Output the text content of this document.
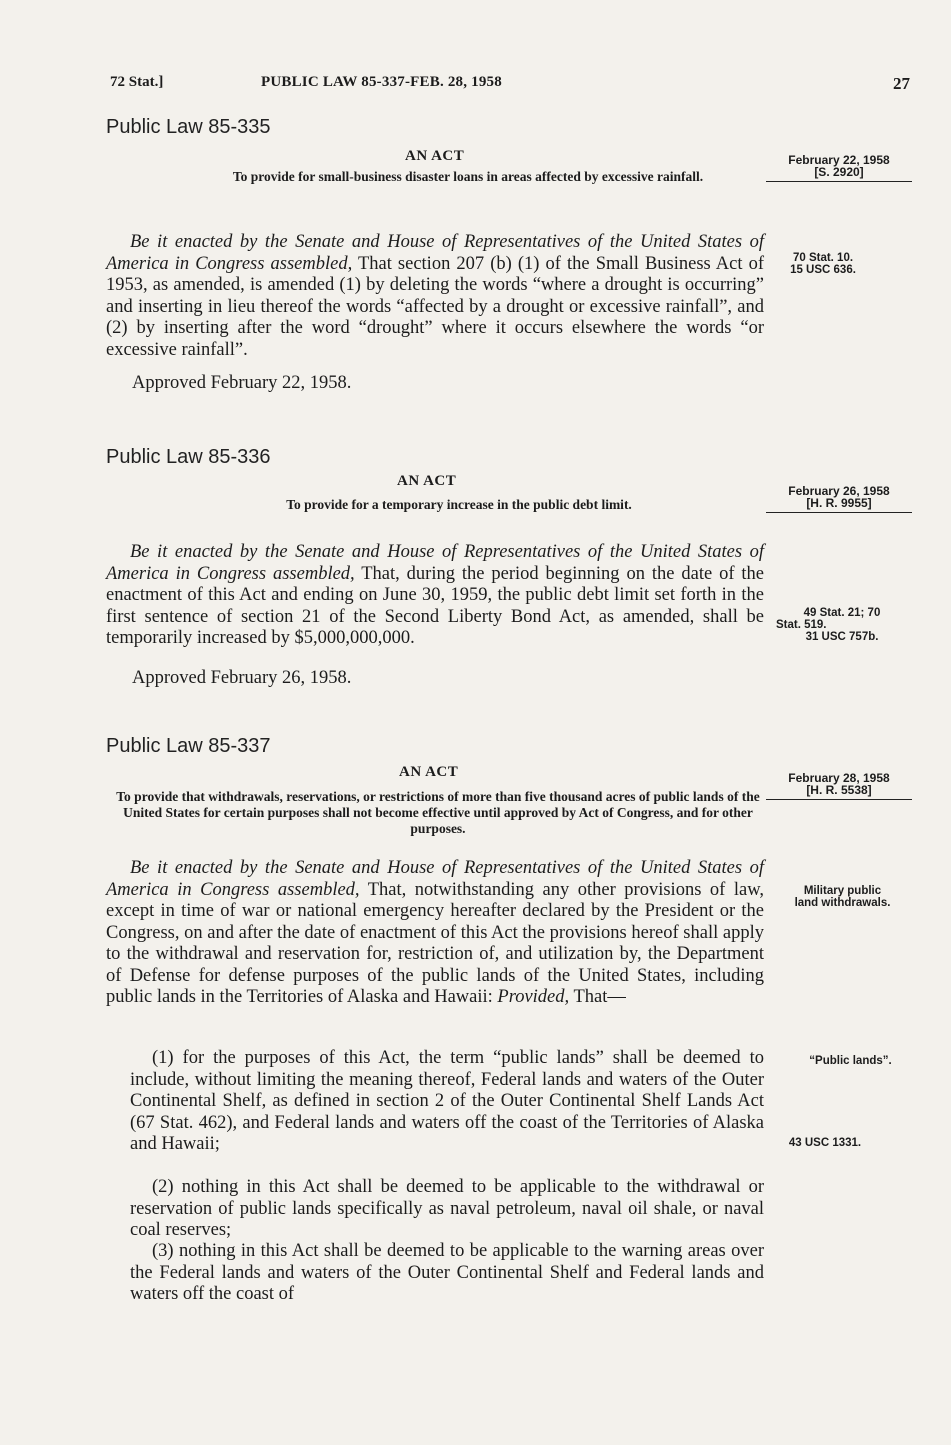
72 Stat.]	PUBLIC LAW 85-337-FEB. 28, 1958	27
Public Law 85-335
AN ACT
To provide for small-business disaster loans in areas affected by excessive rainfall.
February 22, 1958
[S. 2920]

Be it enacted by the Senate and House of Representatives of the United States of America in Congress assembled, That section 207 (b) (1) of the Small Business Act of 1953, as amended, is amended (1) by deleting the words “where a drought is occurring” and inserting in lieu thereof the words “affected by a drought or excessive rainfall”, and (2) by inserting after the word “drought” where it occurs elsewhere the words “or excessive rainfall”.

Approved February 22, 1958.
70 Stat. 10.
15 USC 636.
Public Law 85-336
AN ACT
To provide for a temporary increase in the public debt limit.
February 26, 1958
[H. R. 9955]

Be it enacted by the Senate and House of Representatives of the United States of America in Congress assembled, That, during the period beginning on the date of the enactment of this Act and ending on June 30, 1959, the public debt limit set forth in the first sentence of section 21 of the Second Liberty Bond Act, as amended, shall be temporarily increased by $5,000,000,000.

Approved February 26, 1958.
49 Stat. 21; 70
Stat. 519.
31 USC 757b.
Public Law 85-337
AN ACT
To provide that withdrawals, reservations, or restrictions of more than five thousand acres of public lands of the United States for certain purposes shall not become effective until approved by Act of Congress, and for other purposes.
February 28, 1958
[H. R. 5538]

Be it enacted by the Senate and House of Representatives of the United States of America in Congress assembled, That, notwithstanding any other provisions of law, except in time of war or national emergency hereafter declared by the President or the Congress, on and after the date of enactment of this Act the provisions hereof shall apply to the withdrawal and reservation for, restriction of, and utilization by, the Department of Defense for defense purposes of the public lands of the United States, including public lands in the Territories of Alaska and Hawaii: Provided, That—

(1) for the purposes of this Act, the term “public lands” shall be deemed to include, without limiting the meaning thereof, Federal lands and waters of the Outer Continental Shelf, as defined in section 2 of the Outer Continental Shelf Lands Act (67 Stat. 462), and Federal lands and waters off the coast of the Territories of Alaska and Hawaii;
(2) nothing in this Act shall be deemed to be applicable to the withdrawal or reservation of public lands specifically as naval petroleum, naval oil shale, or naval coal reserves;
(3) nothing in this Act shall be deemed to be applicable to the warning areas over the Federal lands and waters of the Outer Continental Shelf and Federal lands and waters off the coast of
Military public
land withdrawals.
“Public lands”.
43 USC 1331.
